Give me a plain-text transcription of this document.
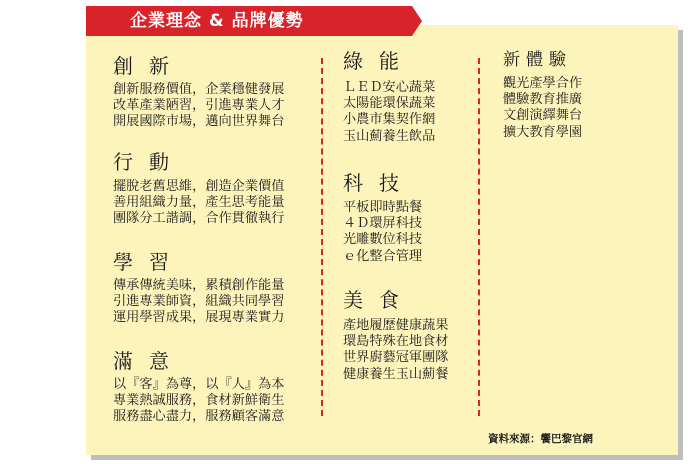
企業理念 & 品牌優勢
創新
創新服務價值，企業穩健發展
改革產業陋習，引進專業人才
開展國際市場，邁向世界舞台
行動
擺脫老舊思維，創造企業價值
善用組織力量，產生思考能量
團隊分工諧調，合作貫徹執行
學習
傳承傳統美味，累積創作能量
引進專業師資，組織共同學習
運用學習成果，展現專業實力
滿意
以『客』為尊，以『人』為本
專業熱誠服務，食材新鮮衛生
服務盡心盡力，服務顧客滿意
綠能
ＬＥＤ安心蔬菜
太陽能環保蔬菜
小農市集契作網
玉山薊養生飲品
科技
平板即時點餐
４Ｄ環屏科技
光雕數位科技
ｅ化整合管理
美食
產地履歷健康蔬果
環島特殊在地食材
世界廚藝冠軍團隊
健康養生玉山薊餐
新體驗
觀光產學合作
體驗教育推廣
文創演繹舞台
擴大教育學園
資料來源：饗巴黎官網
